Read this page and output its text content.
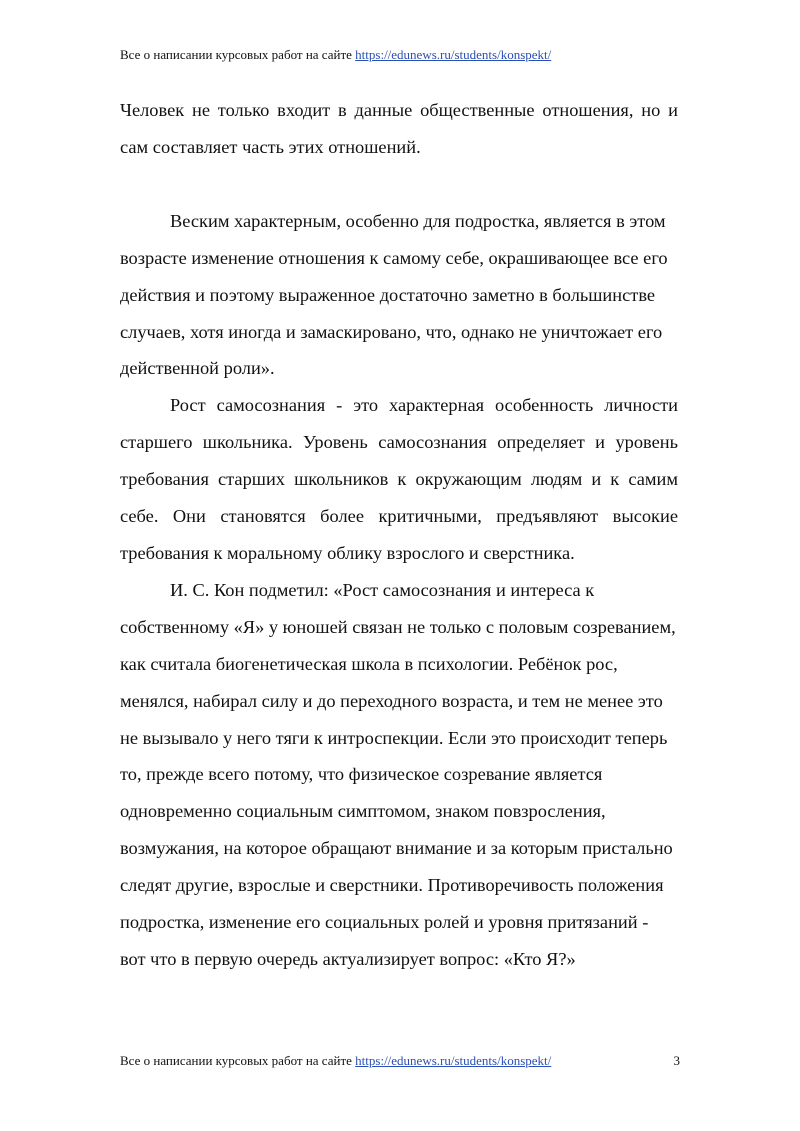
Все о написании курсовых работ на сайте https://edunews.ru/students/konspekt/

Человек не только входит в данные общественные отношения, но и сам составляет часть этих отношений.

Веским характерным, особенно для подростка, является в этом возрасте изменение отношения к самому себе, окрашивающее все его действия и поэтому выраженное достаточно заметно в большинстве случаев, хотя иногда и замаскировано, что, однако не уничтожает его действенной роли».

Рост самосознания - это характерная особенность личности старшего школьника. Уровень самосознания определяет и уровень требования старших школьников к окружающим людям и к самим себе. Они становятся более критичными, предъявляют высокие требования к моральному облику взрослого и сверстника.

И. С. Кон подметил: «Рост самосознания и интереса к собственному «Я» у юношей связан не только с половым созреванием, как считала биогенетическая школа в психологии. Ребёнок рос, менялся, набирал силу и до переходного возраста, и тем не менее это не вызывало у него тяги к интроспекции. Если это происходит теперь то, прежде всего потому, что физическое созревание является одновременно социальным симптомом, знаком повзросления, возмужания, на которое обращают внимание и за которым пристально следят другие, взрослые и сверстники. Противоречивость положения подростка, изменение его социальных ролей и уровня притязаний - вот что в первую очередь актуализирует вопрос: «Кто Я?»

Все о написании курсовых работ на сайте https://edunews.ru/students/konspekt/	3
